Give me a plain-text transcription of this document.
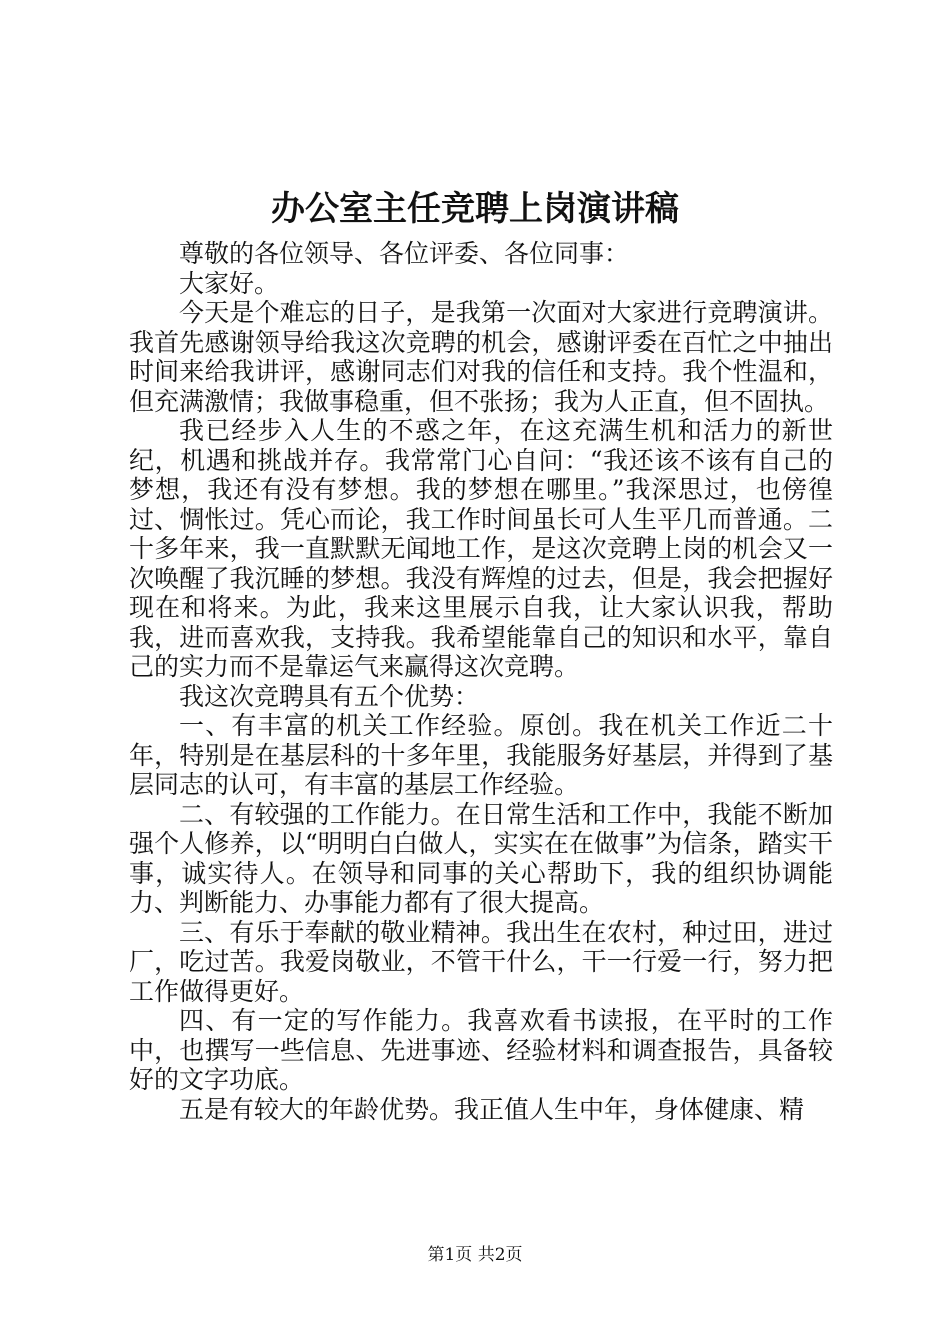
办公室主任竞聘上岗演讲稿

尊敬的各位领导、各位评委、各位同事：

大家好。

今天是个难忘的日子，是我第一次面对大家进行竞聘演讲。我首先感谢领导给我这次竞聘的机会，感谢评委在百忙之中抽出时间来给我讲评，感谢同志们对我的信任和支持。我个性温和，但充满激情；我做事稳重，但不张扬；我为人正直，但不固执。

我已经步入人生的不惑之年，在这充满生机和活力的新世纪，机遇和挑战并存。我常常门心自问：“我还该不该有自己的梦想，我还有没有梦想。我的梦想在哪里。”我深思过，也傍徨过、惆怅过。凭心而论，我工作时间虽长可人生平几而普通。二十多年来，我一直默默无闻地工作，是这次竞聘上岗的机会又一次唤醒了我沉睡的梦想。我没有辉煌的过去，但是，我会把握好现在和将来。为此，我来这里展示自我，让大家认识我，帮助我，进而喜欢我，支持我。我希望能靠自己的知识和水平，靠自己的实力而不是靠运气来赢得这次竞聘。

我这次竞聘具有五个优势：

一、有丰富的机关工作经验。原创。我在机关工作近二十年，特别是在基层科的十多年里，我能服务好基层，并得到了基层同志的认可，有丰富的基层工作经验。

二、有较强的工作能力。在日常生活和工作中，我能不断加强个人修养，以“明明白白做人，实实在在做事”为信条，踏实干事，诚实待人。在领导和同事的关心帮助下，我的组织协调能力、判断能力、办事能力都有了很大提高。

三、有乐于奉献的敬业精神。我出生在农村，种过田，进过厂，吃过苦。我爱岗敬业，不管干什么，干一行爱一行，努力把工作做得更好。

四、有一定的写作能力。我喜欢看书读报，在平时的工作中，也撰写一些信息、先进事迹、经验材料和调查报告，具备较好的文字功底。

五是有较大的年龄优势。我正值人生中年，身体健康、精

第1页 共2页
